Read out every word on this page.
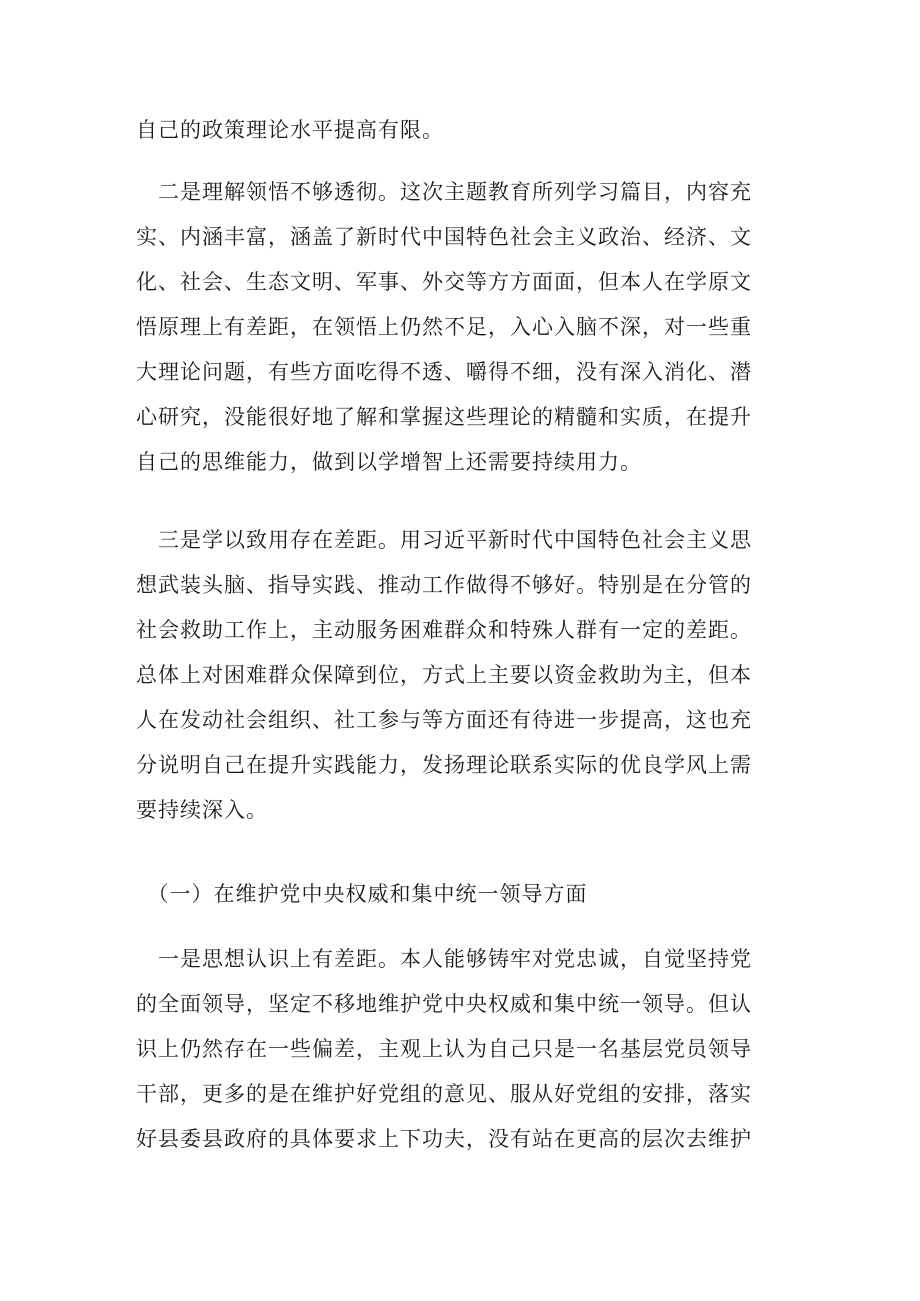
自己的政策理论水平提高有限。
　二是理解领悟不够透彻。这次主题教育所列学习篇目，内容充
实、内涵丰富，涵盖了新时代中国特色社会主义政治、经济、文
化、社会、生态文明、军事、外交等方方面面，但本人在学原文
悟原理上有差距，在领悟上仍然不足，入心入脑不深，对一些重
大理论问题，有些方面吃得不透、嚼得不细，没有深入消化、潜
心研究，没能很好地了解和掌握这些理论的精髓和实质，在提升
自己的思维能力，做到以学增智上还需要持续用力。
　三是学以致用存在差距。用习近平新时代中国特色社会主义思
想武装头脑、指导实践、推动工作做得不够好。特别是在分管的
社会救助工作上，主动服务困难群众和特殊人群有一定的差距。
总体上对困难群众保障到位，方式上主要以资金救助为主，但本
人在发动社会组织、社工参与等方面还有待进一步提高，这也充
分说明自己在提升实践能力，发扬理论联系实际的优良学风上需
要持续深入。
　（一）在维护党中央权威和集中统一领导方面
　一是思想认识上有差距。本人能够铸牢对党忠诚，自觉坚持党
的全面领导，坚定不移地维护党中央权威和集中统一领导。但认
识上仍然存在一些偏差，主观上认为自己只是一名基层党员领导
干部，更多的是在维护好党组的意见、服从好党组的安排，落实
好县委县政府的具体要求上下功夫，没有站在更高的层次去维护
